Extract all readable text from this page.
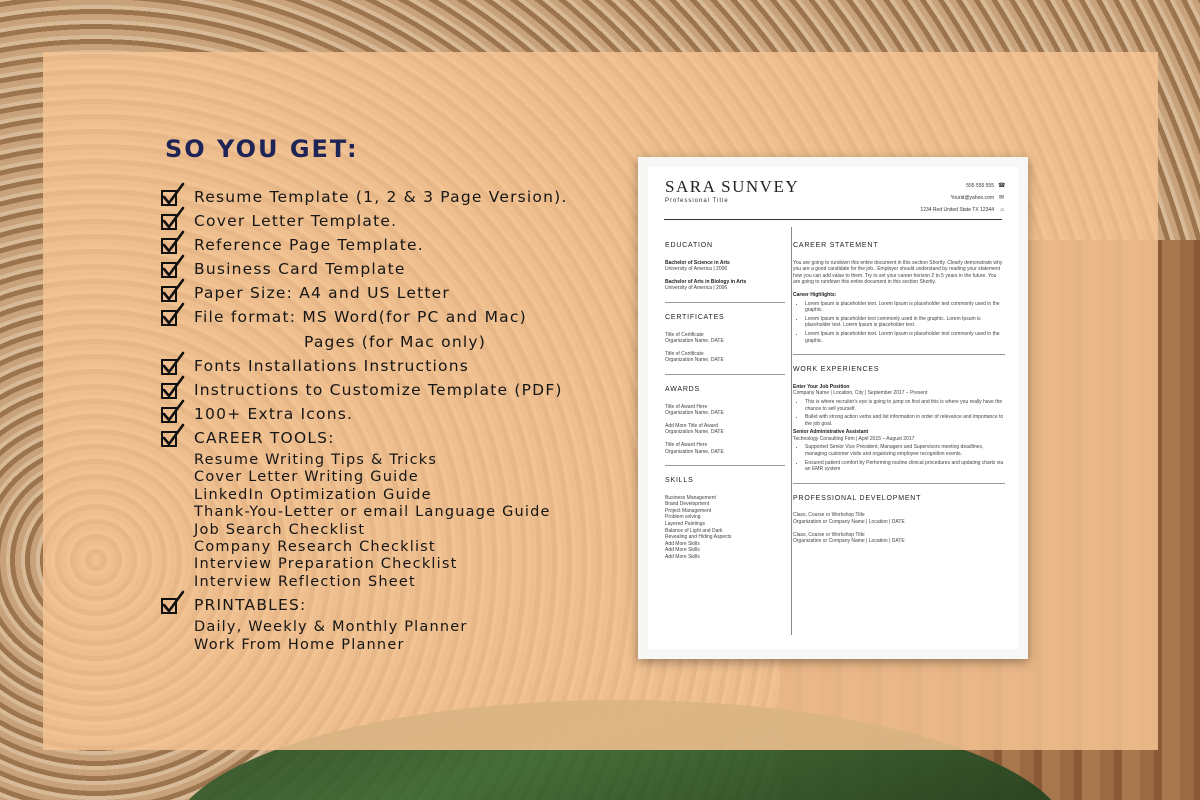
SO YOU GET:
Resume Template (1, 2 & 3 Page Version).
Cover Letter Template.
Reference Page Template.
Business Card Template
Paper Size: A4 and US Letter
File format: MS Word(for PC and Mac)
Pages (for Mac only)
Fonts Installations Instructions
Instructions to Customize Template (PDF)
100+ Extra Icons.
CAREER TOOLS:
Resume Writing Tips & Tricks
Cover Letter Writing Guide
LinkedIn Optimization Guide
Thank-You-Letter or email Language Guide
Job Search Checklist
Company Research Checklist
Interview Preparation Checklist
Interview Reflection Sheet
PRINTABLES:
Daily, Weekly & Monthly Planner
Work From Home Planner
SARA SUNVEY
Professional Title
555 555 555 ☎
Yourid@yahoo.com ✉
1234 Red United State TX 12344 ⌂
EDUCATION
Bachelor of Science in Arts
University of America | 2006
Bachelor of Arts in Biology in Arts
University of America | 2006
CERTIFICATES
Title of Certificate
Organization Name, DATE
Title of Certificate
Organization Name, DATE
AWARDS
Title of Award Here
Organization Name, DATE
Add More Title of Award
Organization Name, DATE
Title of Award Here
Organization Name, DATE
SKILLS
Business Management
Brand Development
Project Management
Problem solving
Layered Paintings
Balance of Light and Dark
Revealing and Hiding Aspects
Add More Skills
Add More Skills
Add More Skills
CAREER STATEMENT
You are going to rundown this entire document in this section Shortly. Clearly demonstrate why you are a good candidate for the job.. Employer should understand by reading your statement how you can add value to them. Try to set your career horizon 2 to 5 years in the future. You are going to rundown this entire document in this section Shortly.
Career Highlights:
• Lorem Ipsum is placeholder text. Lorem Ipsum is placeholder text commonly used in the graphic.
• Lorem Ipsum is placeholder text commonly used in the graphic. Lorem Ipsum is placeholder text. Lorem Ipsum is placeholder text.
• Lorem Ipsum is placeholder text. Lorem Ipsum is placeholder text commonly used in the graphic.
WORK EXPERIENCES
Enter Your Job Position
Company Name | Location, City | September 2017 – Present
• This is where recruiter's eye is going to jump on first and this is where you really have the chance to sell yourself.
• Bullet with strong action verbs and list information in order of relevance and importance to the job goal.
Senior Administrative Assistant
Technology Consulting Firm | April 2015 – August 2017
• Supported Senior Vice President, Managers and Supervisors meeting deadlines, managing customer visits and organizing employee recognition events.
• Ensured patient comfort by Performing routine clinical procedures and updating charts via an EMR system
PROFESSIONAL DEVELOPMENT
Class, Course or Workshop Title
Organization or Company Name | Location | DATE
Class, Course or Workshop Title
Organization or Company Name | Location | DATE
